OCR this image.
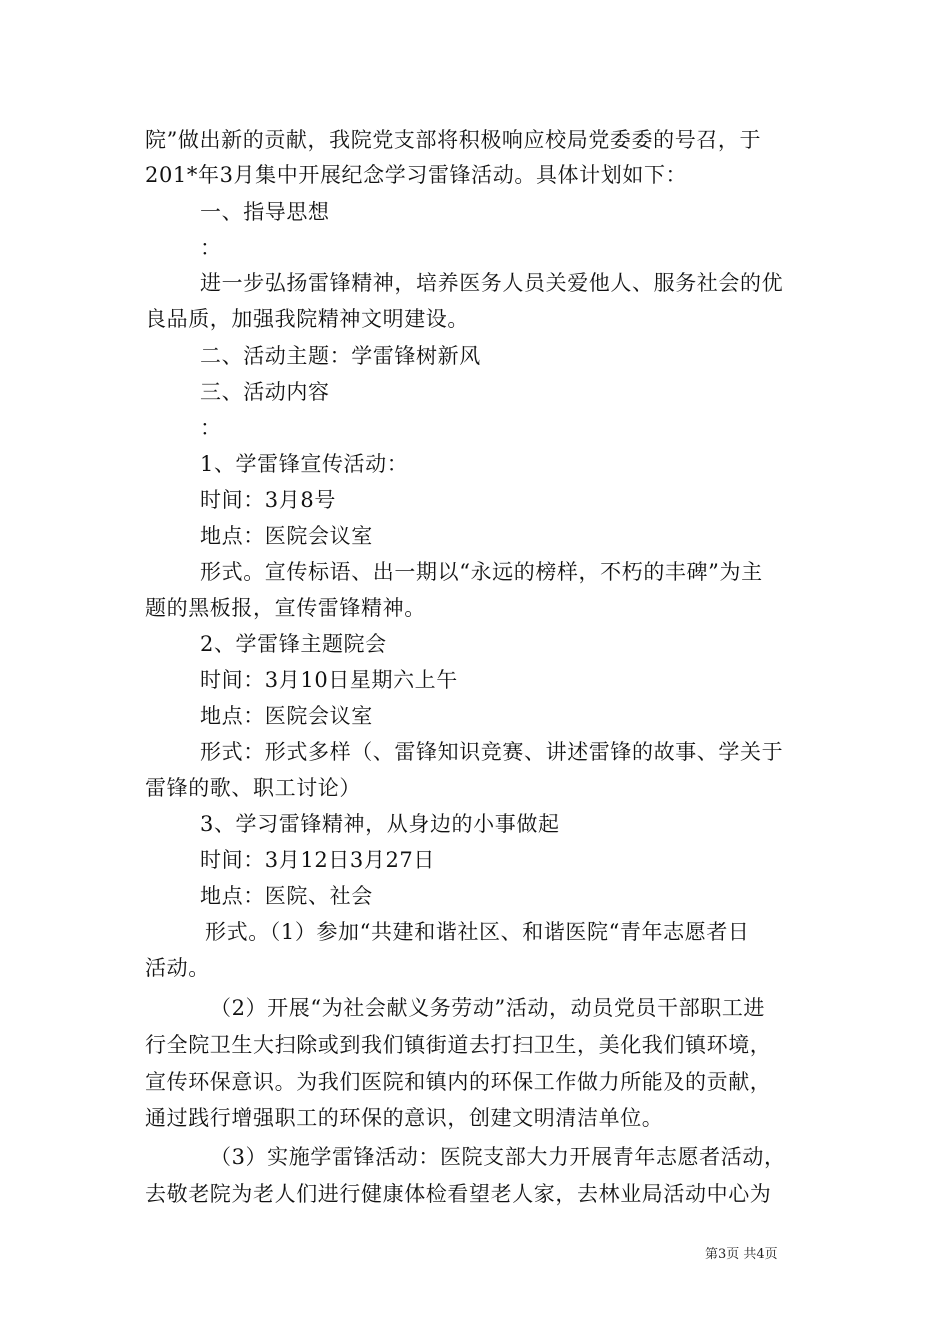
院”做出新的贡献，我院党支部将积极响应校局党委委的号召，于
201*年3月集中开展纪念学习雷锋活动。具体计划如下：
一、指导思想
：
进一步弘扬雷锋精神，培养医务人员关爱他人、服务社会的优
良品质，加强我院精神文明建设。
二、活动主题：学雷锋树新风
三、活动内容
：
1、学雷锋宣传活动：
时间：3月8号
地点：医院会议室
形式。宣传标语、出一期以“永远的榜样，不朽的丰碑”为主
题的黑板报，宣传雷锋精神。
2、学雷锋主题院会
时间：3月10日星期六上午
地点：医院会议室
形式：形式多样（、雷锋知识竞赛、讲述雷锋的故事、学关于
雷锋的歌、职工讨论）
3、学习雷锋精神，从身边的小事做起
时间：3月12日3月27日
地点：医院、社会
形式。（1）参加“共建和谐社区、和谐医院“青年志愿者日
活动。
（2）开展“为社会献义务劳动”活动，动员党员干部职工进
行全院卫生大扫除或到我们镇街道去打扫卫生，美化我们镇环境，
宣传环保意识。为我们医院和镇内的环保工作做力所能及的贡献，
通过践行增强职工的环保的意识，创建文明清洁单位。
（3）实施学雷锋活动：医院支部大力开展青年志愿者活动，
去敬老院为老人们进行健康体检看望老人家，去林业局活动中心为
第3页 共4页
